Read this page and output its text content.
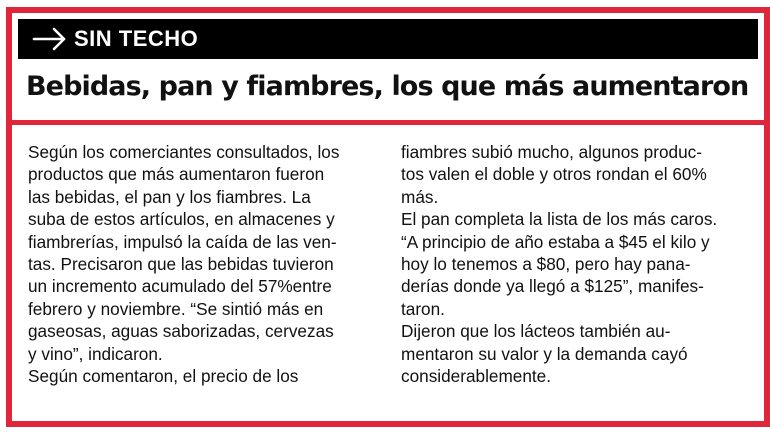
SIN TECHO
Bebidas, pan y fiambres, los que más aumentaron

Según los comerciantes consultados, los
productos que más aumentaron fueron
las bebidas, el pan y los fiambres. La
suba de estos artículos, en almacenes y
fiambrerías, impulsó la caída de las ven-
tas. Precisaron que las bebidas tuvieron
un incremento acumulado del 57%entre
febrero y noviembre. “Se sintió más en
gaseosas, aguas saborizadas, cervezas
y vino”, indicaron.
Según comentaron, el precio de los

fiambres subió mucho, algunos produc-
tos valen el doble y otros rondan el 60%
más.
El pan completa la lista de los más caros.
“A principio de año estaba a $45 el kilo y
hoy lo tenemos a $80, pero hay pana-
derías donde ya llegó a $125”, manifes-
taron.
Dijeron que los lácteos también au-
mentaron su valor y la demanda cayó
considerablemente.
